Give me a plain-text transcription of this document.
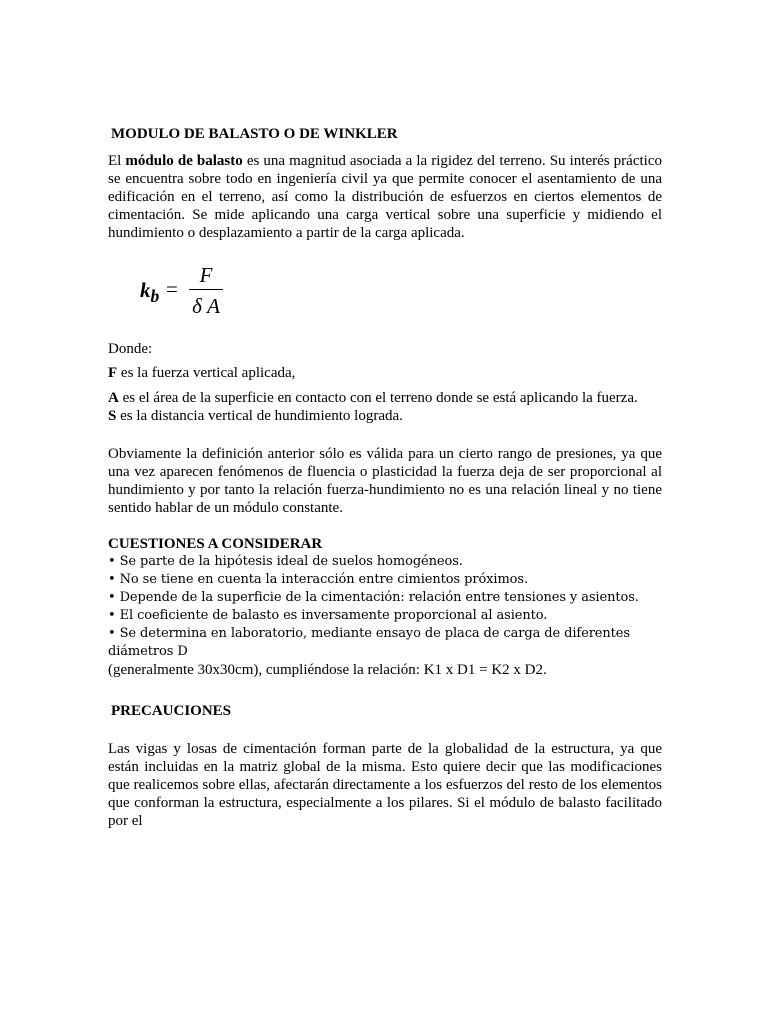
MODULO DE BALASTO O DE WINKLER

El módulo de balasto es una magnitud asociada a la rigidez del terreno. Su interés práctico se encuentra sobre todo en ingeniería civil ya que permite conocer el asentamiento de una edificación en el terreno, así como la distribución de esfuerzos en ciertos elementos de cimentación. Se mide aplicando una carga vertical sobre una superficie y midiendo el hundimiento o desplazamiento a partir de la carga aplicada.

$k_b$ =
F
δ A

Donde:

F es la fuerza vertical aplicada,

A es el área de la superficie en contacto con el terreno donde se está aplicando la fuerza.

S es la distancia vertical de hundimiento lograda.

Obviamente la definición anterior sólo es válida para un cierto rango de presiones, ya que una vez aparecen fenómenos de fluencia o plasticidad la fuerza deja de ser proporcional al hundimiento y por tanto la relación fuerza-hundimiento no es una relación lineal y no tiene sentido hablar de un módulo constante.

CUESTIONES A CONSIDERAR
• Se parte de la hipótesis ideal de suelos homogéneos.
• No se tiene en cuenta la interacción entre cimientos próximos.
• Depende de la superficie de la cimentación: relación entre tensiones y asientos.
• El coeficiente de balasto es inversamente proporcional al asiento.
• Se determina en laboratorio, mediante ensayo de placa de carga de diferentes diámetros D
(generalmente 30x30cm), cumpliéndose la relación: K1 x D1 = K2 x D2.
PRECAUCIONES

Las vigas y losas de cimentación forman parte de la globalidad de la estructura, ya que están incluidas en la matriz global de la misma. Esto quiere decir que las modificaciones que realicemos sobre ellas, afectarán directamente a los esfuerzos del resto de los elementos que conforman la estructura, especialmente a los pilares. Si el módulo de balasto facilitado por el
